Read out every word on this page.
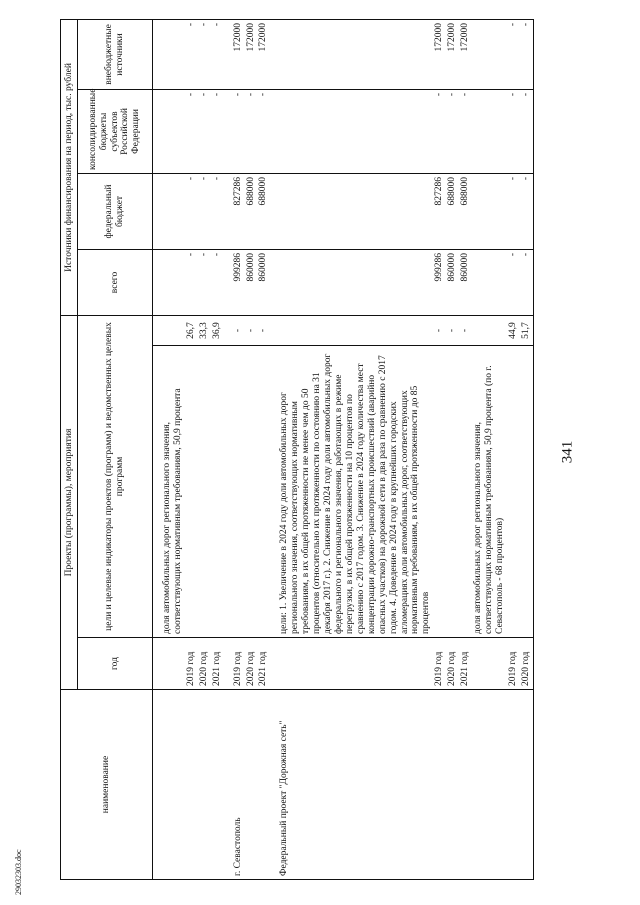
341
29032303.doc
наименование	Проекты (программы), мероприятия			Источники финансирования на период, тыс. рублей			
	год	цели и целевые индикаторы проектов (программ) и ведомственных целевых программ		всего	федеральный бюджет	консолидированные бюджеты субъектов Российской Федерации	внебюджетные источники

		доля автомобильных дорог регионального значения, соответствующих нормативным требованиям, 50,9 процента					
	2019 год		26,7	-	-	-	-
	2020 год		33,3	-	-	-	-
	2021 год		36,9	-	-	-	-

г. Севастополь	2019 год		-	999286	827286	-	172000
	2020 год		-	860000	688000	-	172000
	2021 год		-	860000	688000	-	172000

Федеральный проект "Дорожная сеть"		цели: 1. Увеличение в 2024 году доли автомобильных дорог регионального значения, соответствующих нормативным требованиям, в их общей протяженности не менее чем до 50 процентов (относительно их протяженности по состоянию на 31 декабря 2017 г.). 2. Снижение в 2024 году доли автомобильных дорог федерального и регионального значения, работающих в режиме перегрузки, в их общей протяженности на 10 процентов по сравнению с 2017 годом. 3. Снижение в 2024 году количества мест концентрации дорожно-транспортных происшествий (аварийно опасных участков) на дорожной сети в два раза по сравнению с 2017 годом. 4. Доведение в 2024 году в крупнейших городских агломерациях доли автомобильных дорог, соответствующих нормативным требованиям, в их общей протяженности до 85 процентов					
	2019 год		-	999286	827286	-	172000
	2020 год		-	860000	688000	-	172000
	2021 год		-	860000	688000	-	172000
		доля автомобильных дорог регионального значения, соответствующих нормативным требованиям, 50,9 процента (по г. Севастополь - 68 процентов)					
	2019 год		44,9	-	-	-	-
	2020 год		51,7	-	-	-	-
